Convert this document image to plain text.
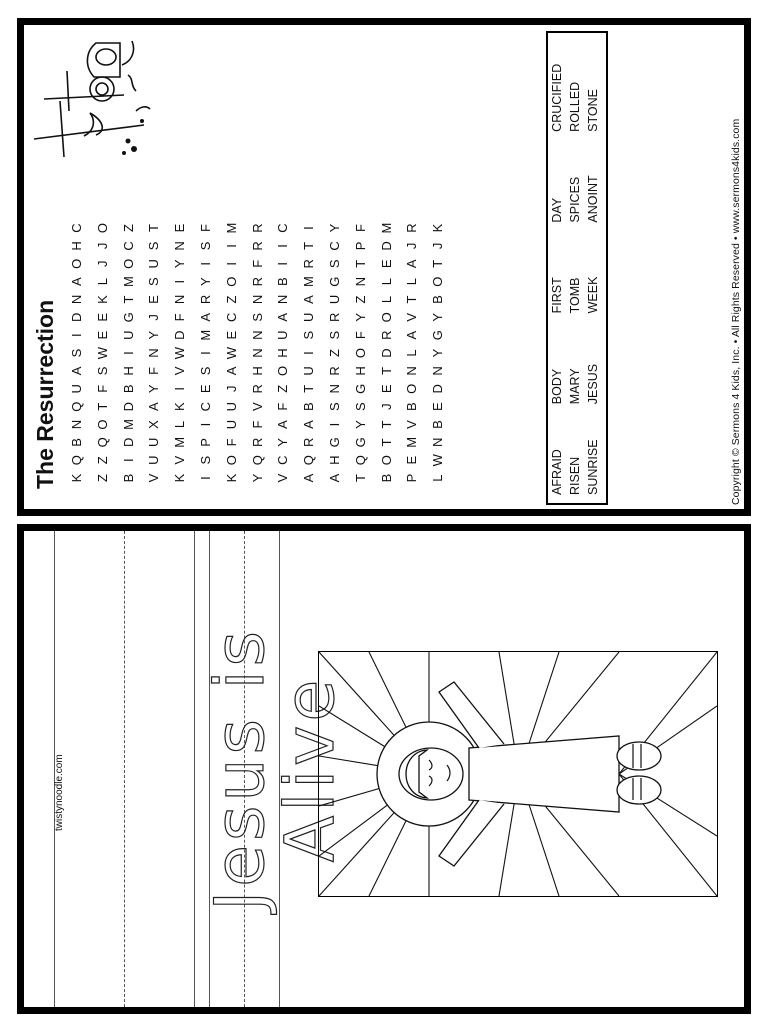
The Resurrection K
Q
B
N
Q
U
A
S
I
D
N
A
O
H
C
Z
Z
Q
O
T
F
S
W
E
E
K
L
J
J
O
B
I
D
M
D
B
H
I
U
G
T
M
O
C
Z
V
U
U
X
A
Y
F
N
Y
J
E
S
U
S
T
K
V
M
L
K
I
V
W
D
F
N
I
Y
N
E
I
S
P
I
C
E
S
I
M
A
R
Y
I
S
F
K
O
F
U
U
J
A
W
E
C
Z
O
I
I
M
Y
Q
R
F
V
R
H
N
N
S
N
R
F
R
R
V
C
Y
A
F
Z
O
H
U
A
N
B
I
I
C
A
Q
R
A
B
T
U
I
S
U
A
M
R
T
I
A
H
G
I
S
N
R
Z
S
R
U
G
S
C
Y
T
Q
G
Y
S
G
H
O
F
Y
Z
N
T
P
F
B
O
T
T
J
E
T
D
R
O
L
L
E
D
M
P
E
M
V
B
O
N
L
A
V
T
L
A
J
R
L
W
N
B
E
D
N
Y
G
Y
B
O
T
J
K
AFRAID
BODY
FIRST
DAY
CRUCIFIED
RISEN
MARY
TOMB
SPICES
ROLLED
SUNRISE
JESUS
WEEK
ANOINT
STONE
Copyright © Sermons 4 Kids, Inc. • All Rights Reserved • www.sermons4kids.com
Jesus is Alive
twistynoodle.com
